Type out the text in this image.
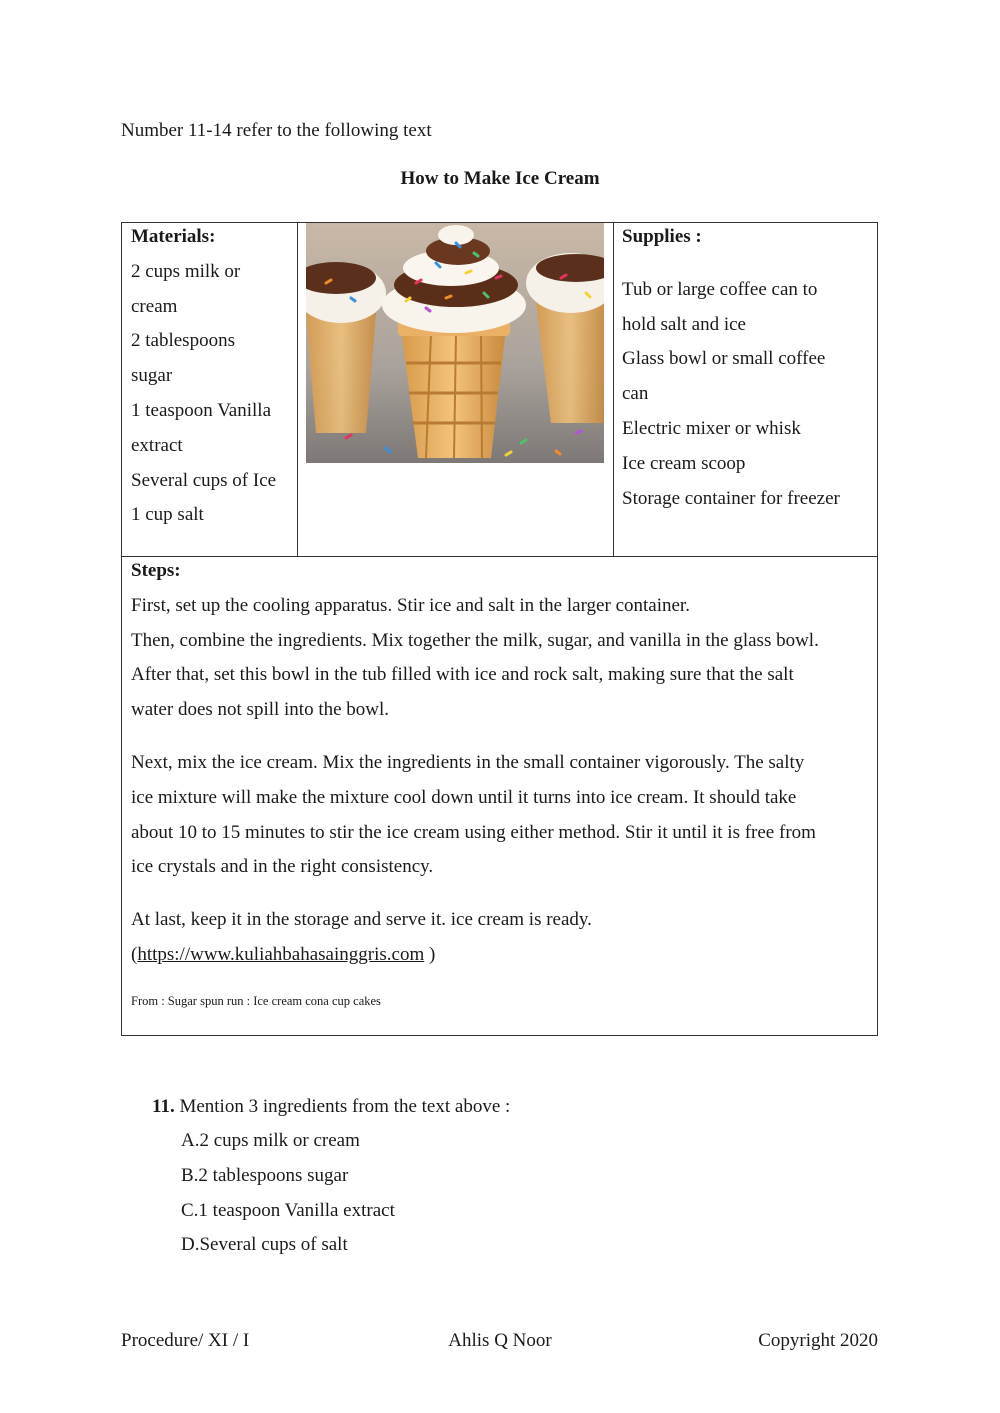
Number 11-14 refer to the following text
How to Make Ice Cream
Materials:
2 cups milk or
cream
2 tablespoons
sugar
1 teaspoon Vanilla
extract
Several cups of Ice
1 cup salt
Supplies :
Tub or large coffee can to
hold salt and ice
Glass bowl or small coffee
can
Electric mixer or whisk
Ice cream scoop
Storage container for freezer
Steps:
First, set up the cooling apparatus. Stir ice and salt in the larger container.
Then, combine the ingredients. Mix together the milk, sugar, and vanilla in the glass bowl.
After that, set this bowl in the tub filled with ice and rock salt, making sure that the salt
water does not spill into the bowl.
Next, mix the ice cream. Mix the ingredients in the small container vigorously. The salty
ice mixture will make the mixture cool down until it turns into ice cream. It should take
about 10 to 15 minutes to stir the ice cream using either method. Stir it until it is free from
ice crystals and in the right consistency.
At last, keep it in the storage and serve it. ice cream is ready.
(https://www.kuliahbahasainggris.com )

From : Sugar spun run : Ice cream cona cup cakes

11. Mention 3 ingredients from the text above :
A.2 cups milk or cream
B.2 tablespoons sugar
C.1 teaspoon Vanilla extract
D.Several cups of salt
Procedure/ XI / I	Ahlis Q Noor	Copyright 2020
